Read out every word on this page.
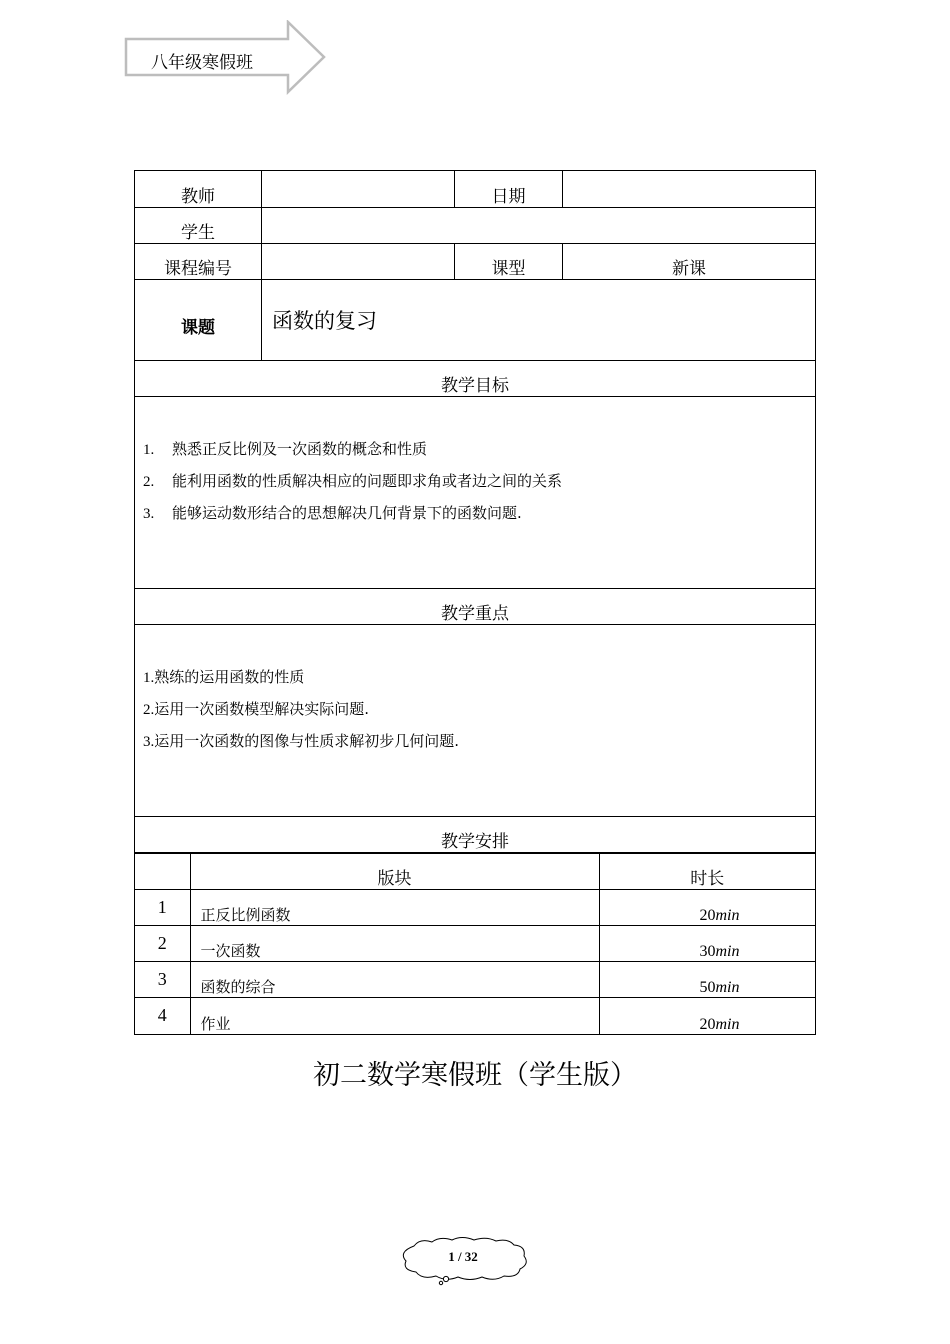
八年级寒假班
教师		日期	
学生	
课程编号		课型	新课
课题	函数的复习
教学目标

1. 熟悉正反比例及一次函数的概念和性质
2. 能利用函数的性质解决相应的问题即求角或者边之间的关系
3. 能够运动数形结合的思想解决几何背景下的函数问题.

教学重点

1.熟练的运用函数的性质
2.运用一次函数模型解决实际问题.
3.运用一次函数的图像与性质求解初步几何问题.

教学安排

	版块	时长
1	正反比例函数	20min
2	一次函数	30min
3	函数的综合	50min
4	作业	20min
初二数学寒假班（学生版）
1 / 32
